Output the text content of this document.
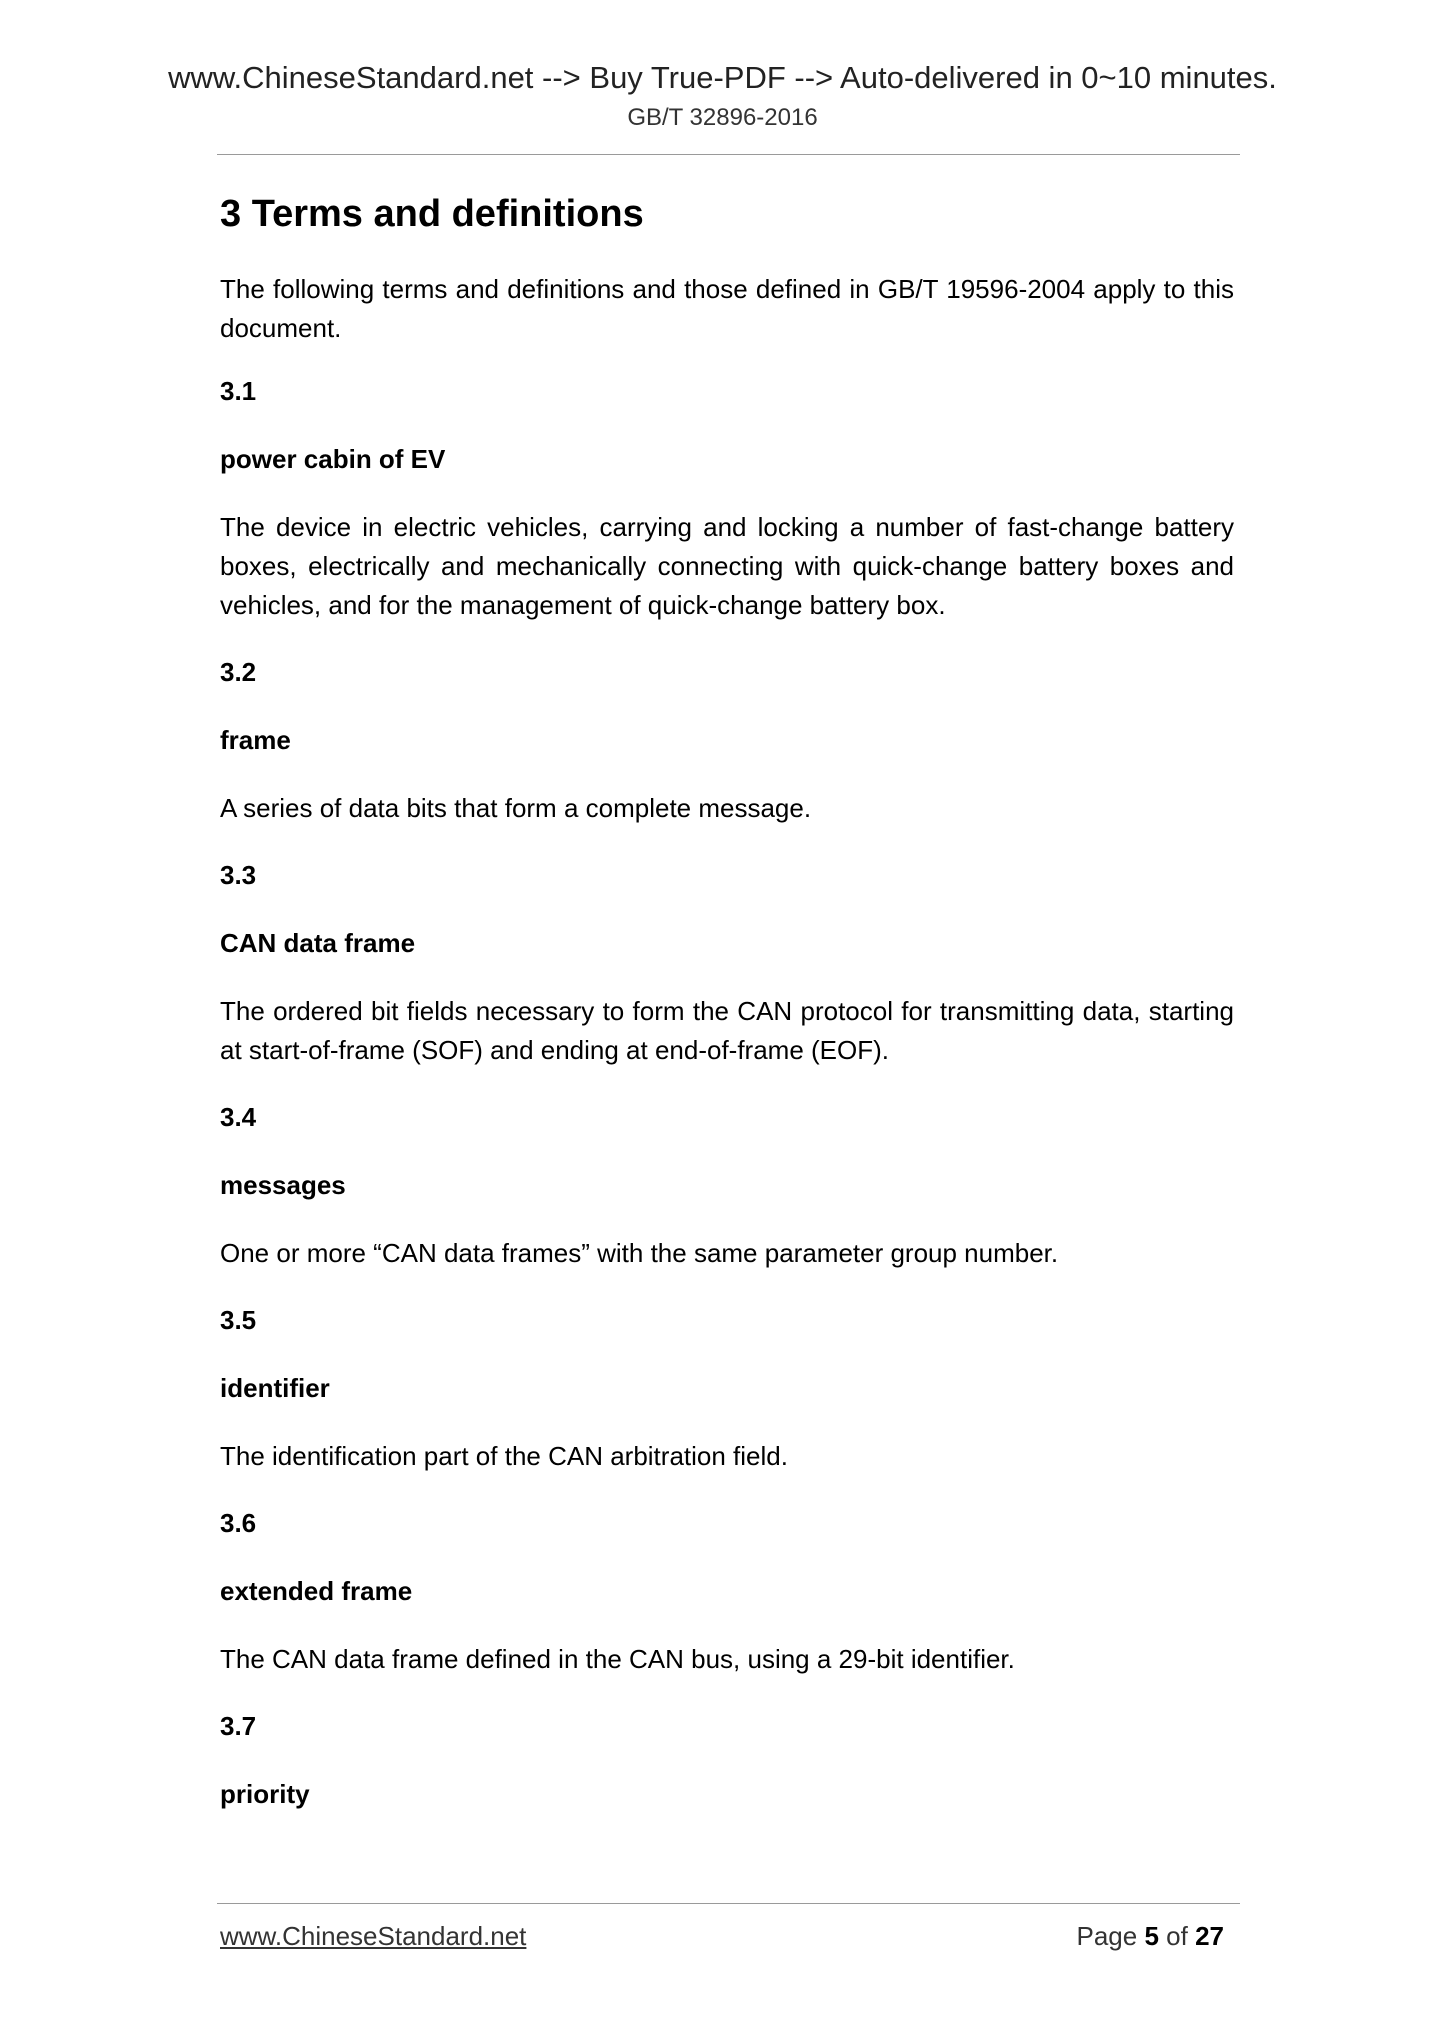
www.ChineseStandard.net --> Buy True-PDF --> Auto-delivered in 0~10 minutes.
GB/T 32896-2016
3 Terms and definitions

The following terms and definitions and those defined in GB/T 19596-2004 apply to this document.

3.1
power cabin of EV

The device in electric vehicles, carrying and locking a number of fast-change battery boxes, electrically and mechanically connecting with quick-change battery boxes and vehicles, and for the management of quick-change battery box.

3.2
frame

A series of data bits that form a complete message.

3.3
CAN data frame

The ordered bit fields necessary to form the CAN protocol for transmitting data, starting at start-of-frame (SOF) and ending at end-of-frame (EOF).

3.4
messages

One or more “CAN data frames” with the same parameter group number.

3.5
identifier

The identification part of the CAN arbitration field.

3.6
extended frame

The CAN data frame defined in the CAN bus, using a 29-bit identifier.

3.7
priority
www.ChineseStandard.net	Page 5 of 27
